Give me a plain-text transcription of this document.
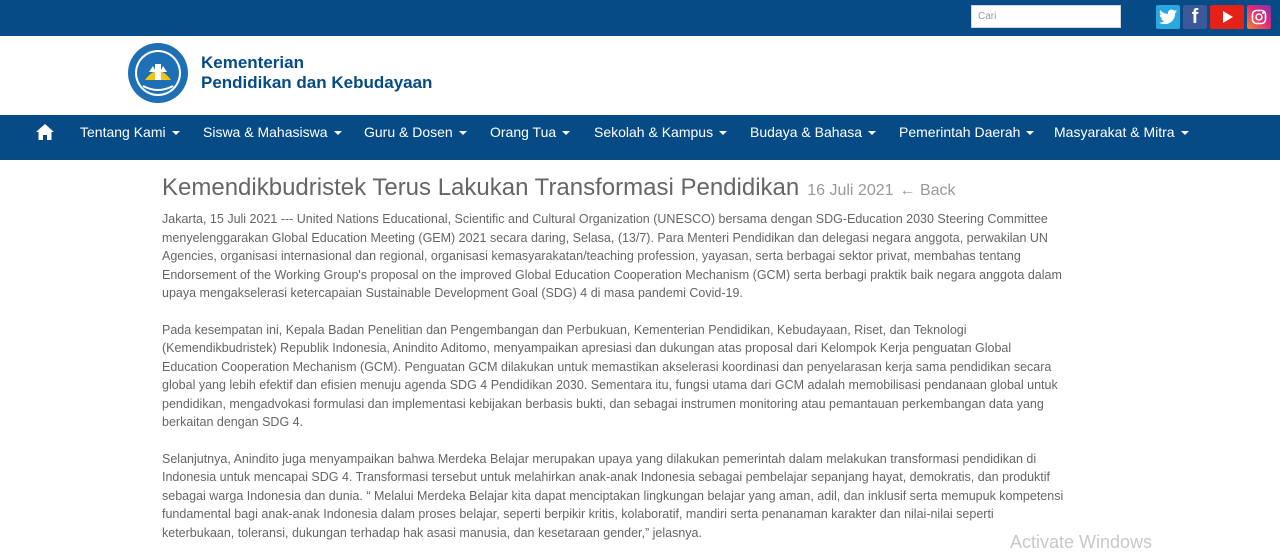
Cari
f
Kementerian
Pendidikan dan Kebudayaan
Tentang Kami	Siswa & Mahasiswa	Guru & Dosen	Orang Tua	Sekolah & Kampus	Budaya & Bahasa	Pemerintah Daerah	Masyarakat & Mitra
Kemendikbudristek Terus Lakukan Transformasi Pendidikan 16 Juli 2021 ← Back

Jakarta, 15 Juli 2021 --- United Nations Educational, Scientific and Cultural Organization (UNESCO) bersama dengan SDG-Education 2030 Steering Committee menyelenggarakan Global Education Meeting (GEM) 2021 secara daring, Selasa, (13/7). Para Menteri Pendidikan dan delegasi negara anggota, perwakilan UN Agencies, organisasi internasional dan regional, organisasi kemasyarakatan/teaching profession, yayasan, serta berbagai sektor privat, membahas tentang Endorsement of the Working Group's proposal on the improved Global Education Cooperation Mechanism (GCM) serta berbagi praktik baik negara anggota dalam upaya mengakselerasi ketercapaian Sustainable Development Goal (SDG) 4 di masa pandemi Covid-19.

Pada kesempatan ini, Kepala Badan Penelitian dan Pengembangan dan Perbukuan, Kementerian Pendidikan, Kebudayaan, Riset, dan Teknologi (Kemendikbudristek) Republik Indonesia, Anindito Aditomo, menyampaikan apresiasi dan dukungan atas proposal dari Kelompok Kerja penguatan Global Education Cooperation Mechanism (GCM). Penguatan GCM dilakukan untuk memastikan akselerasi koordinasi dan penyelarasan kerja sama pendidikan secara global yang lebih efektif dan efisien menuju agenda SDG 4 Pendidikan 2030. Sementara itu, fungsi utama dari GCM adalah memobilisasi pendanaan global untuk pendidikan, mengadvokasi formulasi dan implementasi kebijakan berbasis bukti, dan sebagai instrumen monitoring atau pemantauan perkembangan data yang berkaitan dengan SDG 4.

Selanjutnya, Anindito juga menyampaikan bahwa Merdeka Belajar merupakan upaya yang dilakukan pemerintah dalam melakukan transformasi pendidikan di Indonesia untuk mencapai SDG 4. Transformasi tersebut untuk melahirkan anak-anak Indonesia sebagai pembelajar sepanjang hayat, demokratis, dan produktif sebagai warga Indonesia dan dunia. “ Melalui Merdeka Belajar kita dapat menciptakan lingkungan belajar yang aman, adil, dan inklusif serta memupuk kompetensi fundamental bagi anak-anak Indonesia dalam proses belajar, seperti berpikir kritis, kolaboratif, mandiri serta penanaman karakter dan nilai-nilai seperti keterbukaan, toleransi, dukungan terhadap hak asasi manusia, dan kesetaraan gender,” jelasnya.	Activate Windows
